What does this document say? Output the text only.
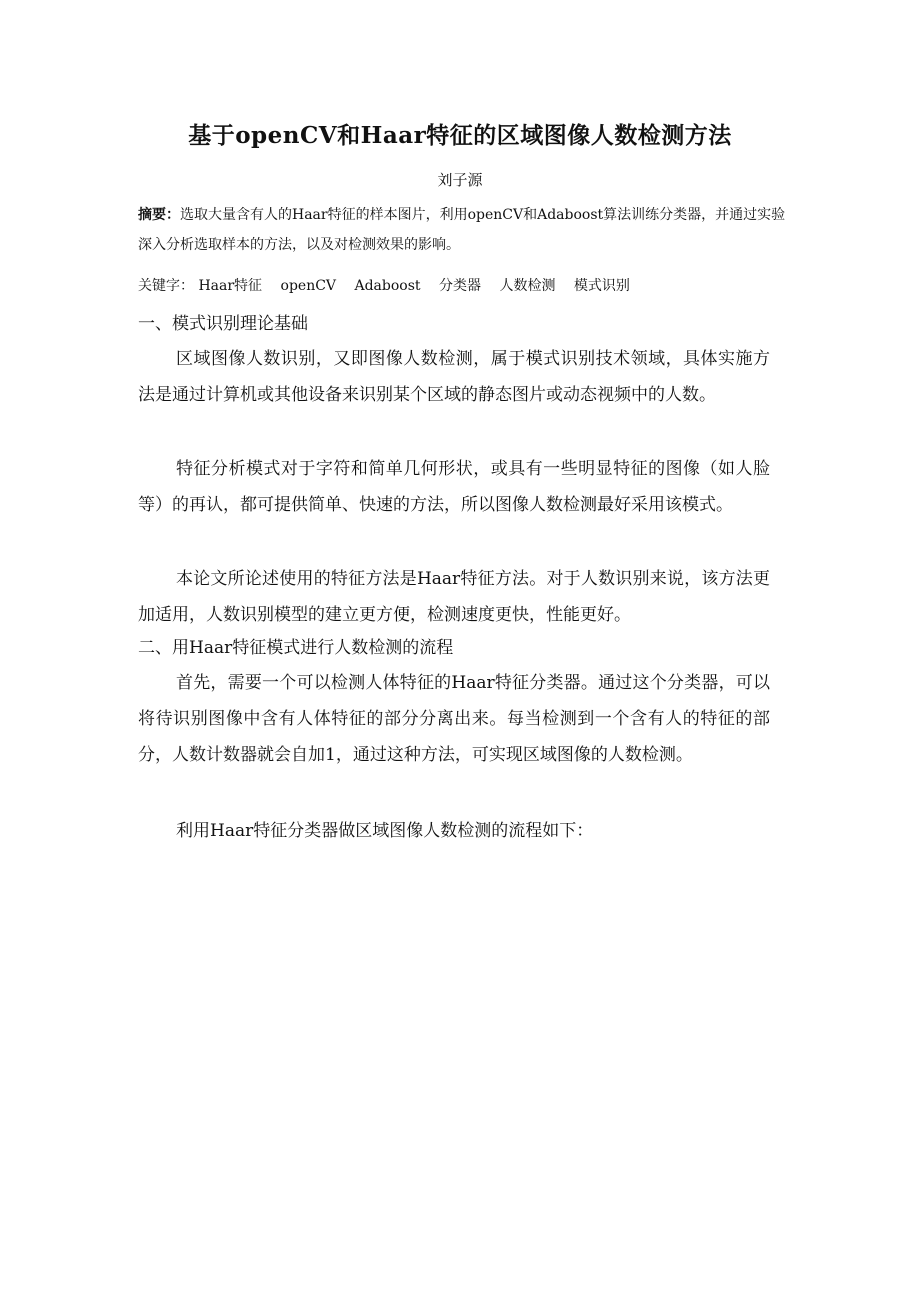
基于openCV和Haar特征的区域图像人数检测方法
刘子源
摘要：选取大量含有人的Haar特征的样本图片，利用openCV和Adaboost算法训练分类器，并通过实验深入分析选取样本的方法，以及对检测效果的影响。
关键字： Haar特征 openCV Adaboost 分类器 人数检测 模式识别
一、模式识别理论基础

区域图像人数识别，又即图像人数检测，属于模式识别技术领域，具体实施方法是通过计算机或其他设备来识别某个区域的静态图片或动态视频中的人数。

特征分析模式对于字符和简单几何形状，或具有一些明显特征的图像（如人脸等）的再认，都可提供简单、快速的方法，所以图像人数检测最好采用该模式。

本论文所论述使用的特征方法是Haar特征方法。对于人数识别来说，该方法更加适用，人数识别模型的建立更方便，检测速度更快，性能更好。

二、用Haar特征模式进行人数检测的流程

首先，需要一个可以检测人体特征的Haar特征分类器。通过这个分类器，可以将待识别图像中含有人体特征的部分分离出来。每当检测到一个含有人的特征的部分，人数计数器就会自加1，通过这种方法，可实现区域图像的人数检测。

利用Haar特征分类器做区域图像人数检测的流程如下：
